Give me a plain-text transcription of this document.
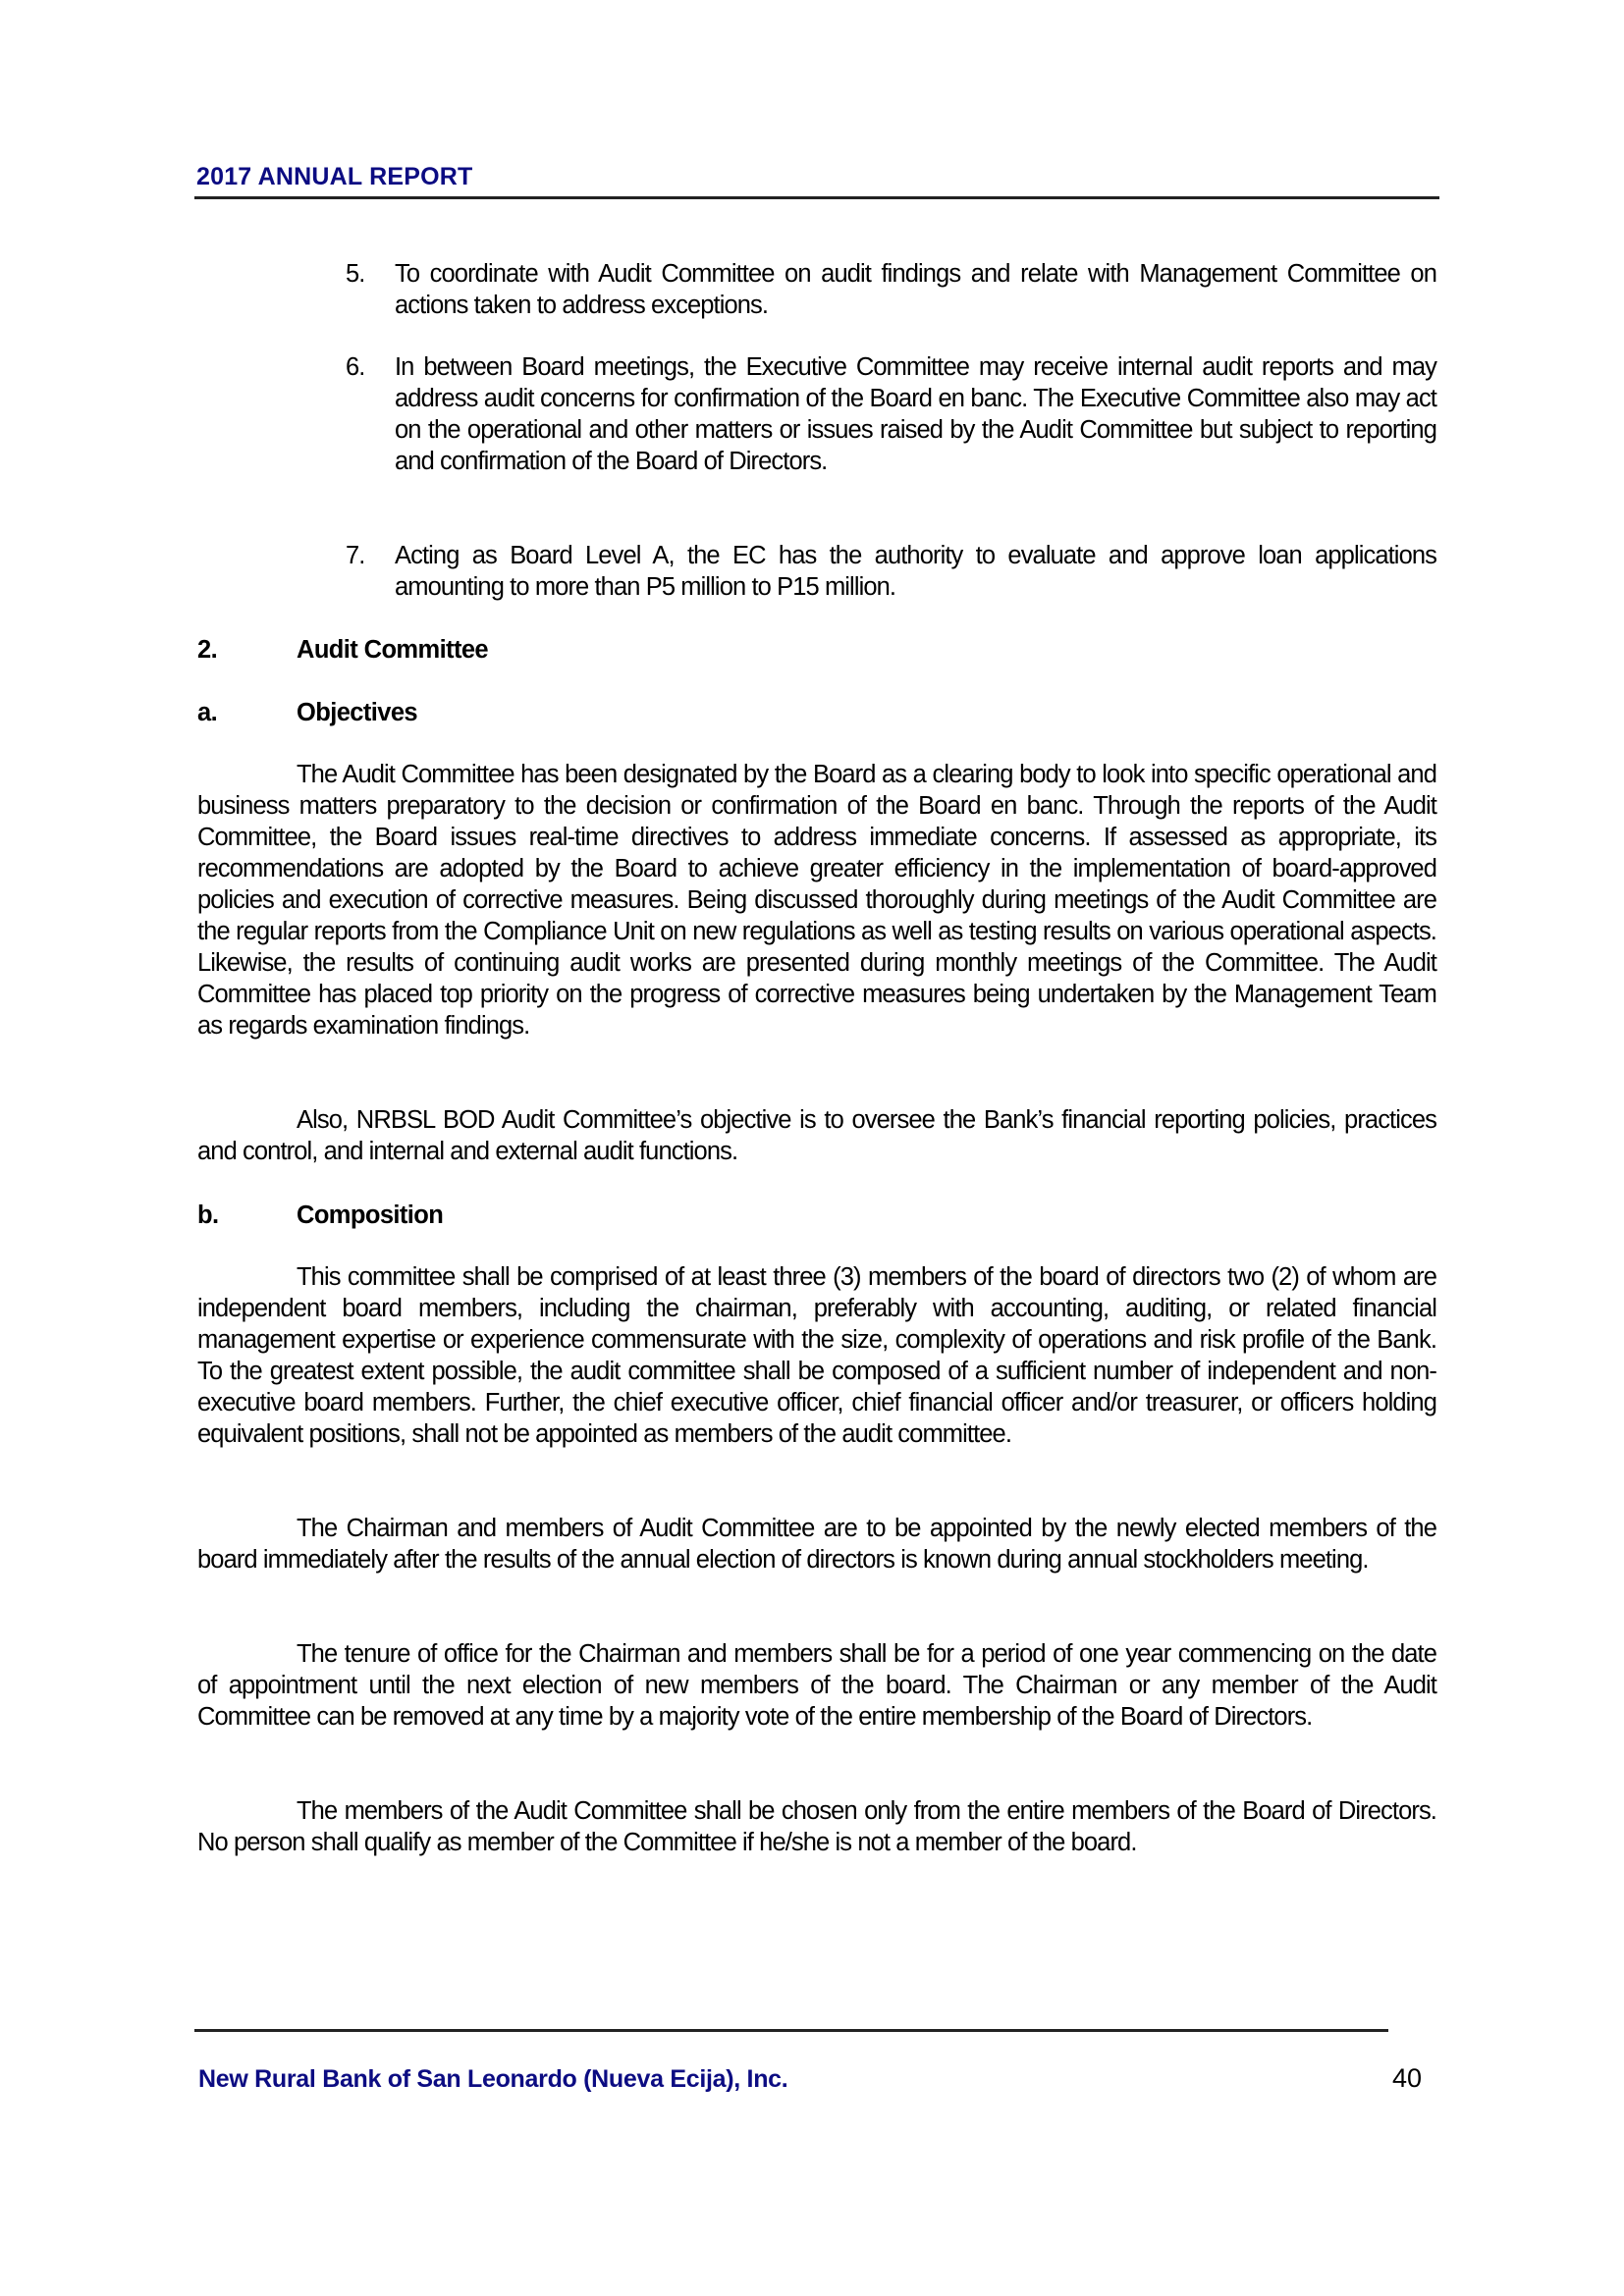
2017 ANNUAL REPORT
5. To coordinate with Audit Committee on audit findings and relate with Management Committee on actions taken to address exceptions.
6. In between Board meetings, the Executive Committee may receive internal audit reports and may address audit concerns for confirmation of the Board en banc. The Executive Committee also may act on the operational and other matters or issues raised by the Audit Committee but subject to reporting and confirmation of the Board of Directors.
7. Acting as Board Level A, the EC has the authority to evaluate and approve loan applications amounting to more than P5 million to P15 million.
2.	Audit Committee
a.	Objectives
The Audit Committee has been designated by the Board as a clearing body to look into specific operational and business matters preparatory to the decision or confirmation of the Board en banc. Through the reports of the Audit Committee, the Board issues real-time directives to address immediate concerns. If assessed as appropriate, its recommendations are adopted by the Board to achieve greater efficiency in the implementation of board-approved policies and execution of corrective measures. Being discussed thoroughly during meetings of the Audit Committee are the regular reports from the Compliance Unit on new regulations as well as testing results on various operational aspects. Likewise, the results of continuing audit works are presented during monthly meetings of the Committee. The Audit Committee has placed top priority on the progress of corrective measures being undertaken by the Management Team as regards examination findings.
Also, NRBSL BOD Audit Committee’s objective is to oversee the Bank’s financial reporting policies, practices and control, and internal and external audit functions.
b.	Composition
This committee shall be comprised of at least three (3) members of the board of directors two (2) of whom are independent board members, including the chairman, preferably with accounting, auditing, or related financial management expertise or experience commensurate with the size, complexity of operations and risk profile of the Bank. To the greatest extent possible, the audit committee shall be composed of a sufficient number of independent and non-executive board members. Further, the chief executive officer, chief financial officer and/or treasurer, or officers holding equivalent positions, shall not be appointed as members of the audit committee.
The Chairman and members of Audit Committee are to be appointed by the newly elected members of the board immediately after the results of the annual election of directors is known during annual stockholders meeting.
The tenure of office for the Chairman and members shall be for a period of one year commencing on the date of appointment until the next election of new members of the board. The Chairman or any member of the Audit Committee can be removed at any time by a majority vote of the entire membership of the Board of Directors.
The members of the Audit Committee shall be chosen only from the entire members of the Board of Directors. No person shall qualify as member of the Committee if he/she is not a member of the board.
New Rural Bank of San Leonardo (Nueva Ecija), Inc.	40
